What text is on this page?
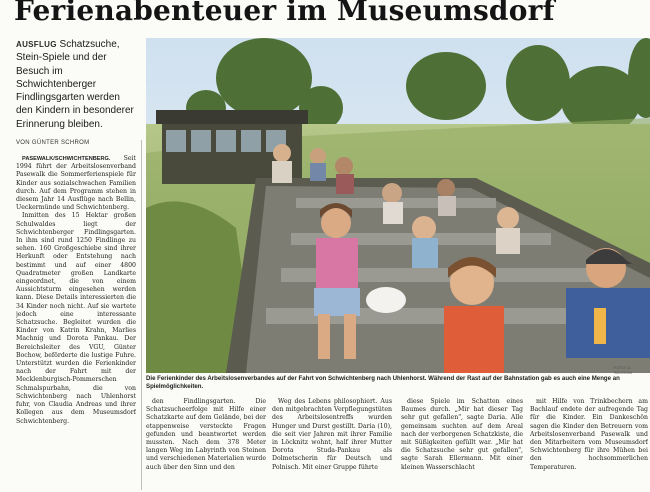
Ferienabenteuer im Museumsdorf
AUSFLUG Schatzsuche, Stein-Spiele und der Besuch im Schwichtenberger Findlingsgarten werden den Kindern in besonderer Erinnerung bleiben.
VON GÜNTER SCHROM

PASEWALK/SCHWICHTENBERG. Seit 1994 führt der Arbeitslosenverband Pasewalk die Sommerferienspiele für Kinder aus sozialschwachen Familien durch. Auf dem Programm stehen in diesem Jahr 14 Ausflüge nach Bellin, Ueckermünde und Schwichtenberg.

Inmitten des 15 Hektar großen Schulwaldes liegt der Schwichtenberger Findlingsgarten. In ihm sind rund 1250 Findlinge zu sehen. 160 Großgeschiebe sind ihrer Herkunft oder Entstehung nach bestimmt und auf einer 4800 Quadratmeter großen Landkarte eingeordnet, die von einem Aussichtsturm eingesehen werden kann. Diese Details interessierten die 34 Kinder noch nicht. Auf sie wartete jedoch eine interessante Schatzsuche. Begleitet wurden die Kinder von Katrin Krahn, Marlies Machnig und Dorota Pankau. Der Bereichsleiter des VGU, Günter Bochow, beförderte die lustige Fuhre. Unterstützt wurden die Ferienkinder nach der Fahrt mit der Mecklenburgisch-Pommerschen Schmalspurbahn, die von Schwichtenberg nach Uhlenhorst fuhr, von Claudia Andreas und ihrer Kollegen aus dem Museumsdorf Schwichtenberg.

FOTO: G. SCHROM
Die Ferienkinder des Arbeitslosenverbandes auf der Fahrt von Schwichtenberg nach Uhlenhorst. Während der Rast auf der Bahnstation gab es auch eine Menge an Spielmöglichkeiten.

den Findlingsgarten. Die Schatzsucheerfolge mit Hilfe einer Schatzkarte auf dem Gelände, bei der etappenweise versteckte Fragen gefunden und beantwortet werden mussten. Nach dem 378 Meter langen Weg im Labyrinth von Steinen und verschiedenen Materialien wurde auch über den Sinn und den

Weg des Lebens philosophiert. Aus den mitgebrachten Verpflegungstüten des Arbeitslosentreffs wurden Hunger und Durst gestillt. Daria (10), die seit vier Jahren mit ihrer Familie in Löcknitz wohnt, half ihrer Mutter Dorota Studa-Pankau als Dolmetscherin für Deutsch und Polnisch. Mit einer Gruppe führte

diese Spiele im Schatten eines Baumes durch. „Mir hat dieser Tag sehr gut gefallen", sagte Daria. Alle gemeinsam suchten auf dem Areal nach der verborgenen Schatzkiste, die mit Süßigkeiten gefüllt war. „Mir hat die Schatzsuche sehr gut gefallen", sagte Sarah Ellermann. Mit einer kleinen Wasserschlacht

mit Hilfe von Trinkbechern am Bachlauf endete der aufregende Tag für die Kinder. Ein Dankeschön sagen die Kinder den Betreuern vom Arbeitslosenverband Pasewalk und den Mitarbeitern vom Museumsdorf Schwichtenberg für ihre Mühen bei den hochsommerlichen Temperaturen.
